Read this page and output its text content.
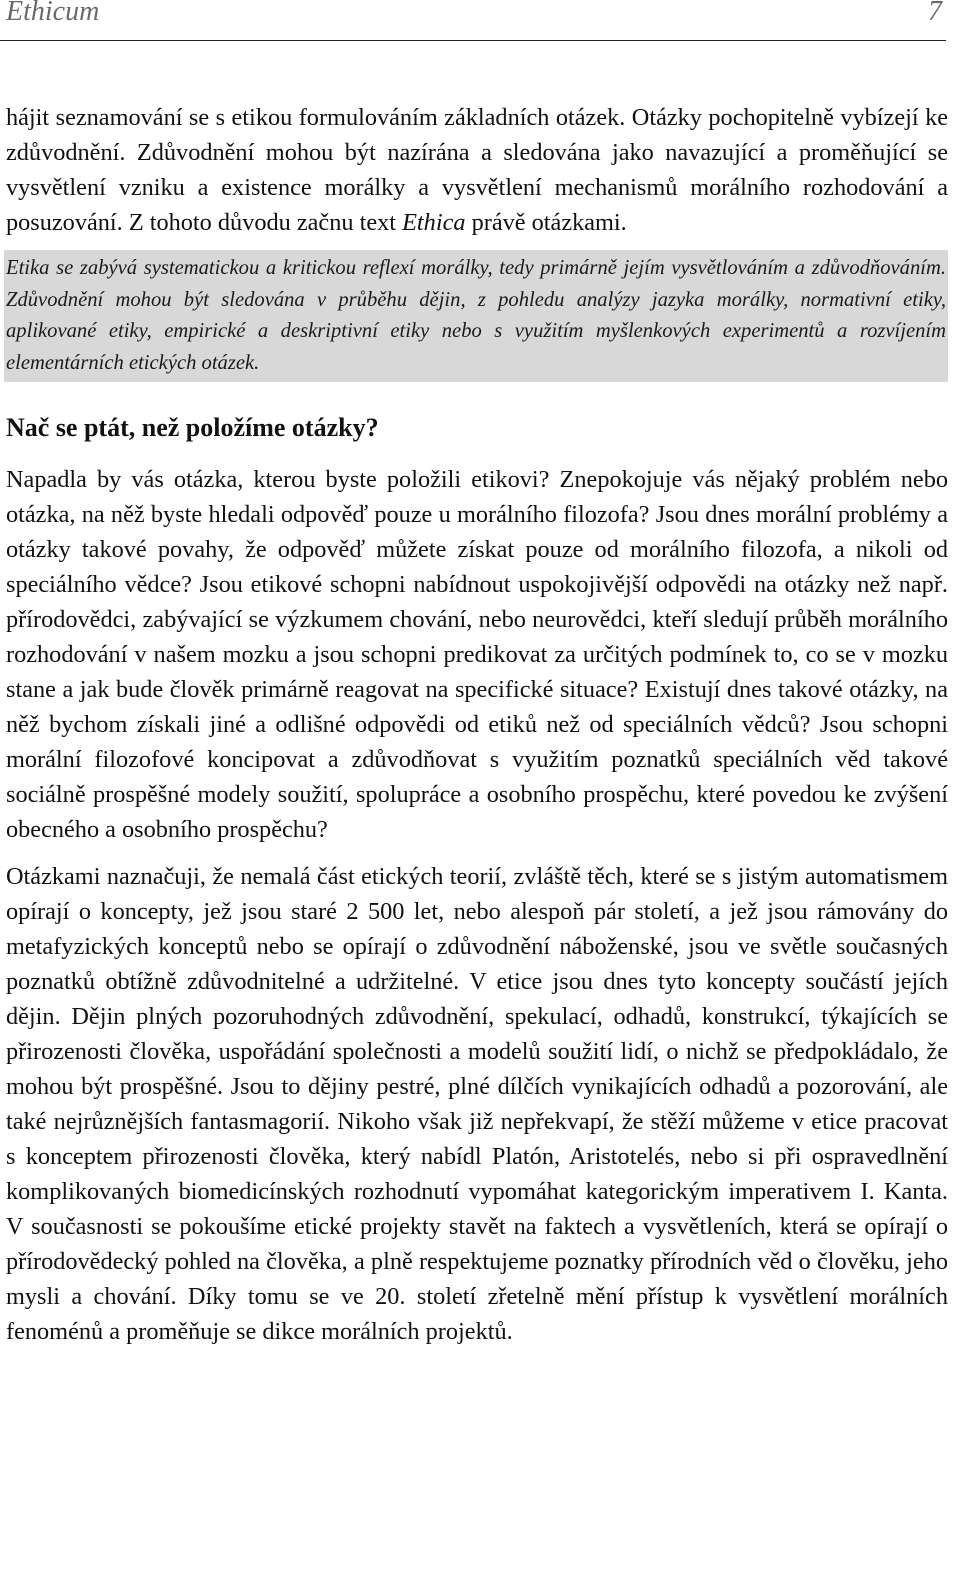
Ethicum	7

hájit seznamování se s etikou formulováním základních otázek. Otázky pochopitelně vybízejí ke zdůvodnění. Zdůvodnění mohou být nazírána a sledována jako navazující a proměňující se vysvětlení vzniku a existence morálky a vysvětlení mechanismů morálního rozhodování a posuzování. Z tohoto důvodu začnu text Ethica právě otázkami.

Etika se zabývá systematickou a kritickou reflexí morálky, tedy primárně jejím vysvětlováním a zdůvodňováním. Zdůvodnění mohou být sledována v průběhu dějin, z pohledu analýzy jazyka morálky, normativní etiky, aplikované etiky, empirické a deskriptivní etiky nebo s využitím myšlenkových experimentů a rozvíjením elementárních etických otázek.
Nač se ptát, než položíme otázky?

Napadla by vás otázka, kterou byste položili etikovi? Znepokojuje vás nějaký problém nebo otázka, na něž byste hledali odpověď pouze u morálního filozofa? Jsou dnes morální problémy a otázky takové povahy, že odpověď můžete získat pouze od morálního filozofa, a nikoli od speciálního vědce? Jsou etikové schopni nabídnout uspokojivější odpovědi na otázky než např. přírodovědci, zabývající se výzkumem chování, nebo neurovědci, kteří sledují průběh morálního rozhodování v našem mozku a jsou schopni predikovat za určitých podmínek to, co se v mozku stane a jak bude člověk primárně reagovat na specifické situace? Existují dnes takové otázky, na něž bychom získali jiné a odlišné odpovědi od etiků než od speciálních vědců? Jsou schopni morální filozofové koncipovat a zdůvodňovat s využitím poznatků speciálních věd takové sociálně prospěšné modely soužití, spolupráce a osobního prospěchu, které povedou ke zvýšení obecného a osobního prospěchu?

Otázkami naznačuji, že nemalá část etických teorií, zvláště těch, které se s jistým automatismem opírají o koncepty, jež jsou staré 2 500 let, nebo alespoň pár století, a jež jsou rámovány do metafyzických konceptů nebo se opírají o zdůvodnění náboženské, jsou ve světle současných poznatků obtížně zdůvodnitelné a udržitelné. V etice jsou dnes tyto koncepty součástí jejích dějin. Dějin plných pozoruhodných zdůvodnění, spekulací, odhadů, konstrukcí, týkajících se přirozenosti člověka, uspořádání společnosti a modelů soužití lidí, o nichž se předpokládalo, že mohou být prospěšné. Jsou to dějiny pestré, plné dílčích vynikajících odhadů a pozorování, ale také nejrůznějších fantasmagorií. Nikoho však již nepřekvapí, že stěží můžeme v etice pracovat s konceptem přirozenosti člověka, který nabídl Platón, Aristotelés, nebo si při ospravedlnění komplikovaných biomedicínských rozhodnutí vypomáhat kategorickým imperativem I. Kanta. V současnosti se pokoušíme etické projekty stavět na faktech a vysvětleních, která se opírají o přírodovědecký pohled na člověka, a plně respektujeme poznatky přírodních věd o člověku, jeho mysli a chování. Díky tomu se ve 20. století zřetelně mění přístup k vysvětlení morálních fenoménů a proměňuje se dikce morálních projektů.
